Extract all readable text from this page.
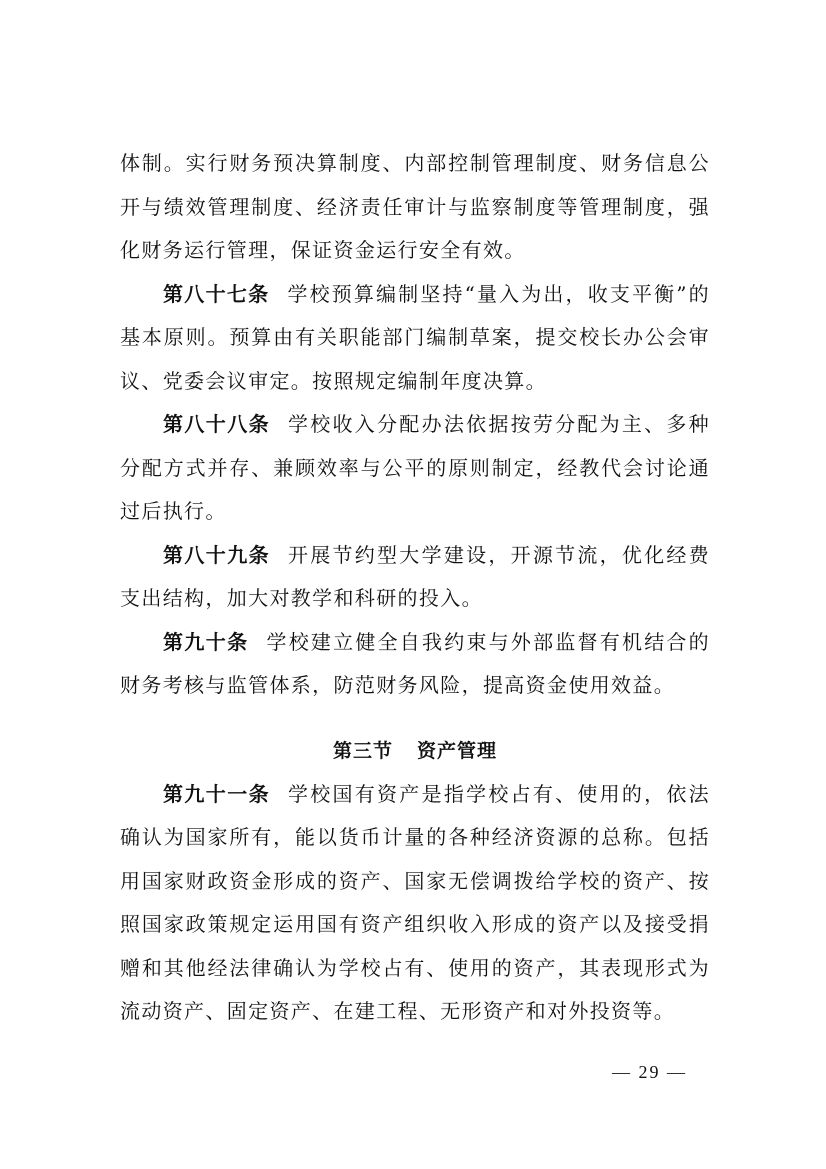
体制。实行财务预决算制度、内部控制管理制度、财务信息公开与绩效管理制度、经济责任审计与监察制度等管理制度，强化财务运行管理，保证资金运行安全有效。

第八十七条 学校预算编制坚持“量入为出，收支平衡”的基本原则。预算由有关职能部门编制草案，提交校长办公会审议、党委会议审定。按照规定编制年度决算。

第八十八条 学校收入分配办法依据按劳分配为主、多种分配方式并存、兼顾效率与公平的原则制定，经教代会讨论通过后执行。

第八十九条 开展节约型大学建设，开源节流，优化经费支出结构，加大对教学和科研的投入。

第九十条 学校建立健全自我约束与外部监督有机结合的财务考核与监管体系，防范财务风险，提高资金使用效益。

第三节 资产管理

第九十一条 学校国有资产是指学校占有、使用的，依法确认为国家所有，能以货币计量的各种经济资源的总称。包括用国家财政资金形成的资产、国家无偿调拨给学校的资产、按照国家政策规定运用国有资产组织收入形成的资产以及接受捐赠和其他经法律确认为学校占有、使用的资产，其表现形式为流动资产、固定资产、在建工程、无形资产和对外投资等。

— 29 —
